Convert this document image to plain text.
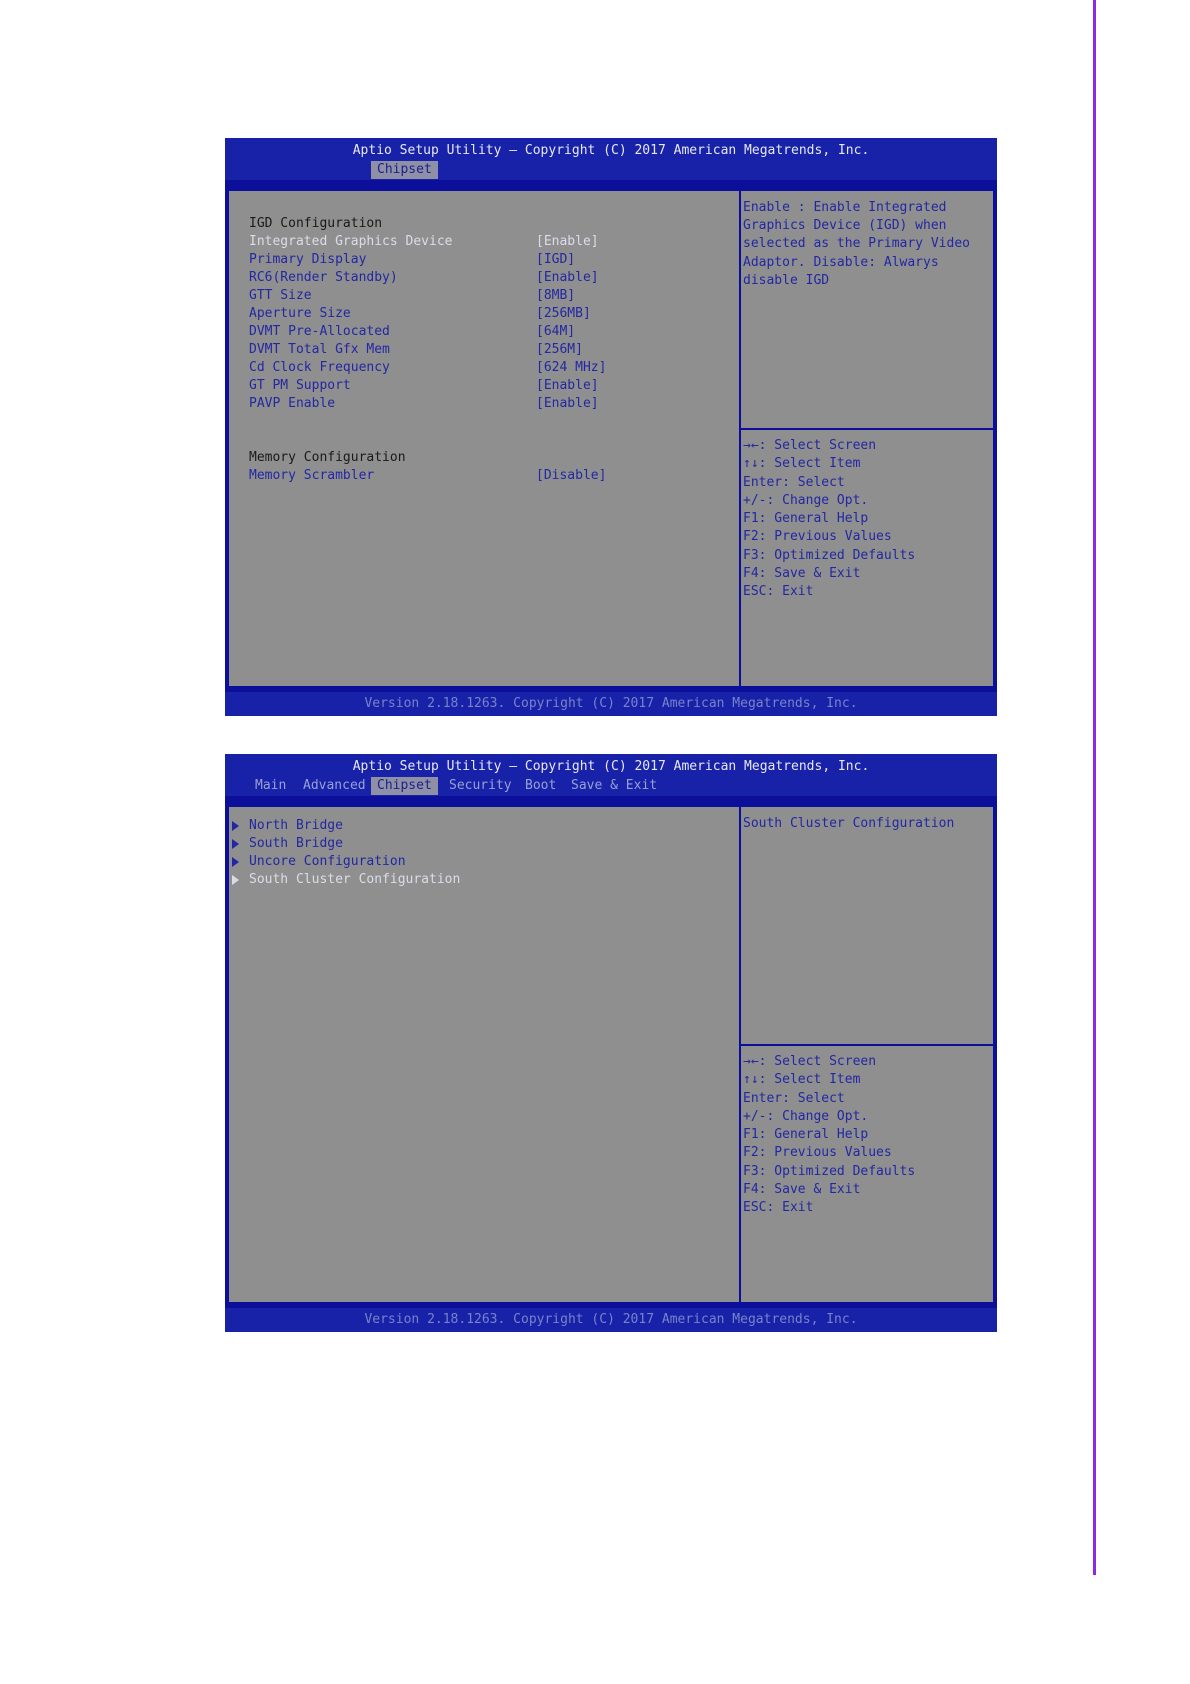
Aptio Setup Utility – Copyright (C) 2017 American Megatrends, Inc.
Chipset
IGD Configuration
Integrated Graphics Device	[Enable]
Primary Display	[IGD]
RC6(Render Standby)	[Enable]
GTT Size	[8MB]
Aperture Size	[256MB]
DVMT Pre-Allocated	[64M]
DVMT Total Gfx Mem	[256M]
Cd Clock Frequency	[624 MHz]
GT PM Support	[Enable]
PAVP Enable	[Enable]
Memory Configuration
Memory Scrambler	[Disable]
Enable : Enable Integrated
Graphics Device (IGD) when
selected as the Primary Video
Adaptor. Disable: Alwarys
disable IGD
→←: Select Screen
↑↓: Select Item
Enter: Select
+/-: Change Opt.
F1: General Help
F2: Previous Values
F3: Optimized Defaults
F4: Save & Exit
ESC: Exit
Version 2.18.1263. Copyright (C) 2017 American Megatrends, Inc.
Aptio Setup Utility – Copyright (C) 2017 American Megatrends, Inc.
Main	Advanced Chipset	Security	Boot	Save & Exit
North Bridge
South Bridge
Uncore Configuration
South Cluster Configuration
South Cluster Configuration
→←: Select Screen
↑↓: Select Item
Enter: Select
+/-: Change Opt.
F1: General Help
F2: Previous Values
F3: Optimized Defaults
F4: Save & Exit
ESC: Exit
Version 2.18.1263. Copyright (C) 2017 American Megatrends, Inc.
